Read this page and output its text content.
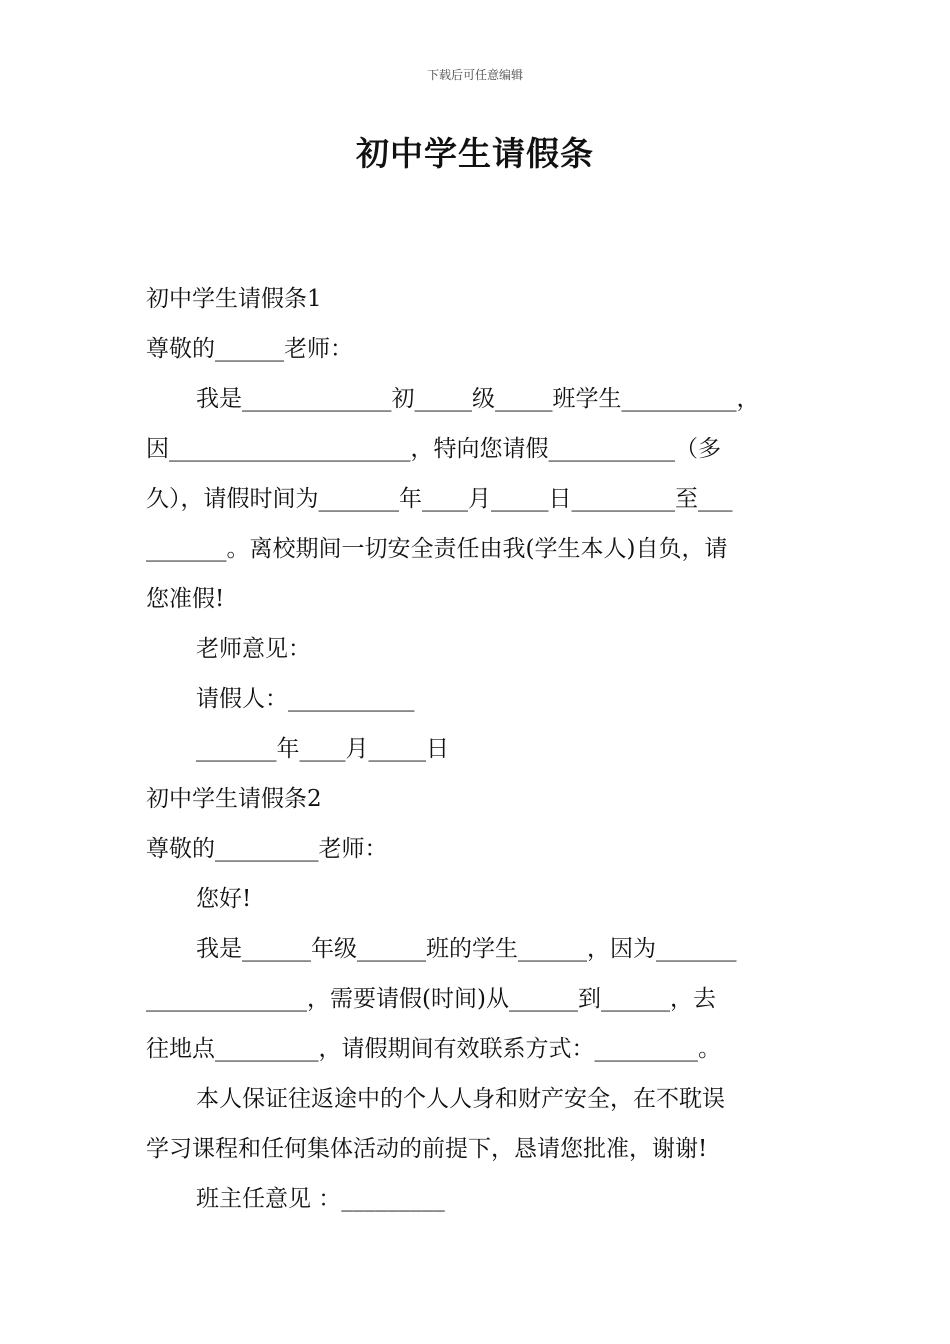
下载后可任意编辑
初中学生请假条
初中学生请假条1
尊敬的______老师：
我是_____________初_____级_____班学生__________，
因_____________________，特向您请假___________（多
久），请假时间为_______年____月_____日_________至___
_______。离校期间一切安全责任由我(学生本人)自负，请
您准假!
老师意见：
请假人：___________
_______年____月_____日
初中学生请假条2
尊敬的_________老师：
您好!
我是______年级______班的学生______，因为_______
______________，需要请假(时间)从______到______，去
往地点_________，请假期间有效联系方式：_________。
本人保证往返途中的个人人身和财产安全，在不耽误
学习课程和任何集体活动的前提下，恳请您批准，谢谢!
班主任意见 ：_________
